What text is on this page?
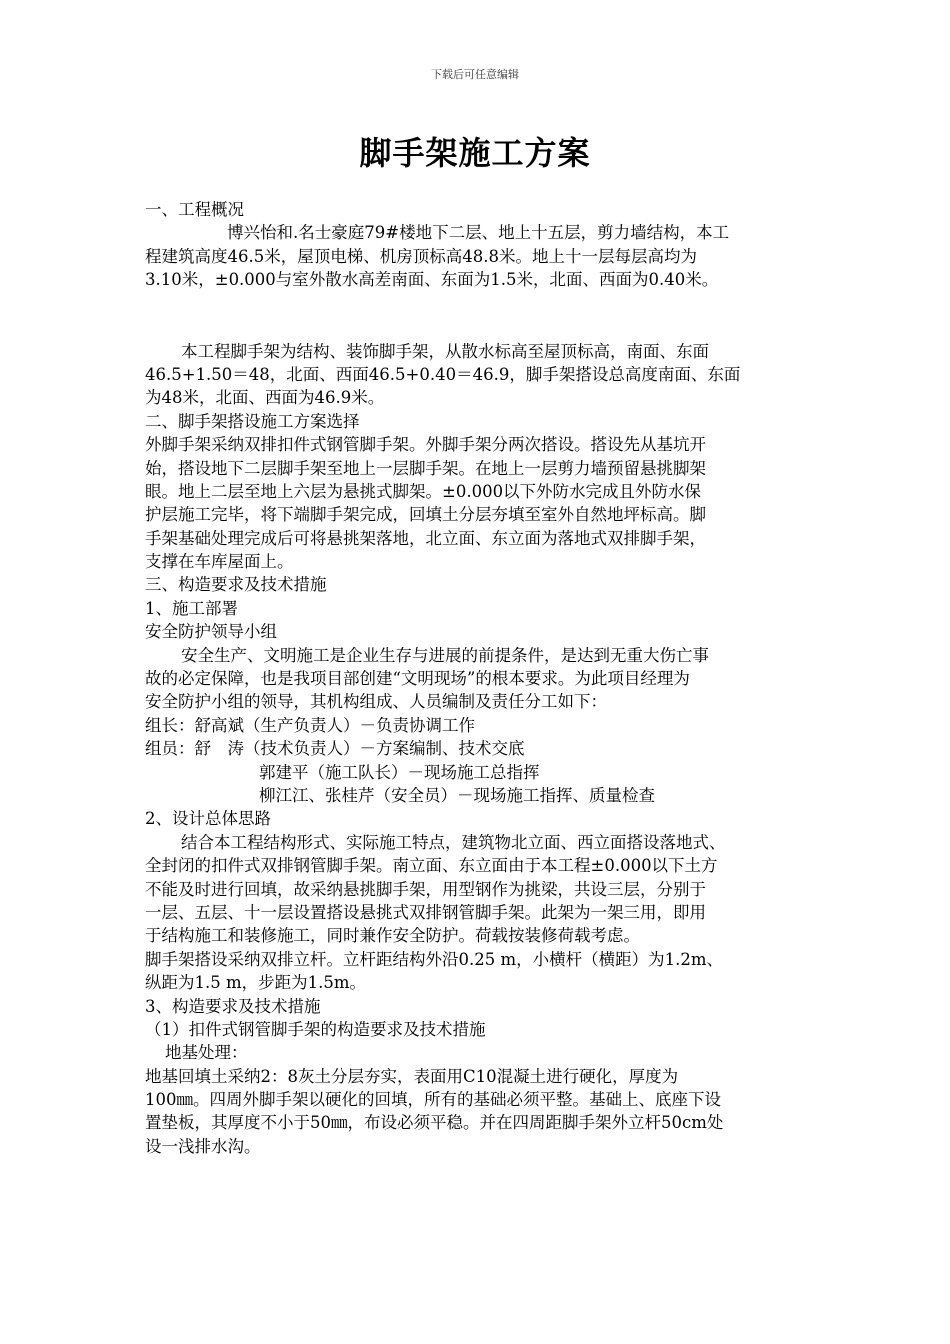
下载后可任意编辑
脚手架施工方案
一、工程概况
博兴怡和.名士豪庭79#楼地下二层、地上十五层，剪力墙结构，本工
程建筑高度46.5米，屋顶电梯、机房顶标高48.8米。地上十一层每层高均为
3.10米，±0.000与室外散水高差南面、东面为1.5米，北面、西面为0.40米。
本工程脚手架为结构、装饰脚手架，从散水标高至屋顶标高，南面、东面
46.5+1.50＝48，北面、西面46.5+0.40＝46.9，脚手架搭设总高度南面、东面
为48米，北面、西面为46.9米。
二、脚手架搭设施工方案选择
外脚手架采纳双排扣件式钢管脚手架。外脚手架分两次搭设。搭设先从基坑开
始，搭设地下二层脚手架至地上一层脚手架。在地上一层剪力墙预留悬挑脚架
眼。地上二层至地上六层为悬挑式脚架。±0.000以下外防水完成且外防水保
护层施工完毕，将下端脚手架完成，回填土分层夯填至室外自然地坪标高。脚
手架基础处理完成后可将悬挑架落地，北立面、东立面为落地式双排脚手架，
支撑在车库屋面上。
三、构造要求及技术措施
1、施工部署
安全防护领导小组
安全生产、文明施工是企业生存与进展的前提条件，是达到无重大伤亡事
故的必定保障，也是我项目部创建“文明现场”的根本要求。为此项目经理为
安全防护小组的领导，其机构组成、人员编制及责任分工如下：
组长：舒高斌（生产负责人）－负责协调工作
组员：舒　涛（技术负责人）－方案编制、技术交底
郭建平（施工队长）－现场施工总指挥
柳江江、张桂芹（安全员）－现场施工指挥、质量检查
2、设计总体思路
结合本工程结构形式、实际施工特点，建筑物北立面、西立面搭设落地式、
全封闭的扣件式双排钢管脚手架。南立面、东立面由于本工程±0.000以下土方
不能及时进行回填，故采纳悬挑脚手架，用型钢作为挑梁，共设三层，分别于
一层、五层、十一层设置搭设悬挑式双排钢管脚手架。此架为一架三用，即用
于结构施工和装修施工，同时兼作安全防护。荷载按装修荷载考虑。
脚手架搭设采纳双排立杆。立杆距结构外沿0.25 m，小横杆（横距）为1.2m、
纵距为1.5 m，步距为1.5m。
3、构造要求及技术措施
（1）扣件式钢管脚手架的构造要求及技术措施
地基处理：
地基回填土采纳2：8灰土分层夯实，表面用C10混凝土进行硬化，厚度为
100㎜。四周外脚手架以硬化的回填，所有的基础必须平整。基础上、底座下设
置垫板，其厚度不小于50㎜，布设必须平稳。并在四周距脚手架外立杆50cm处
设一浅排水沟。
